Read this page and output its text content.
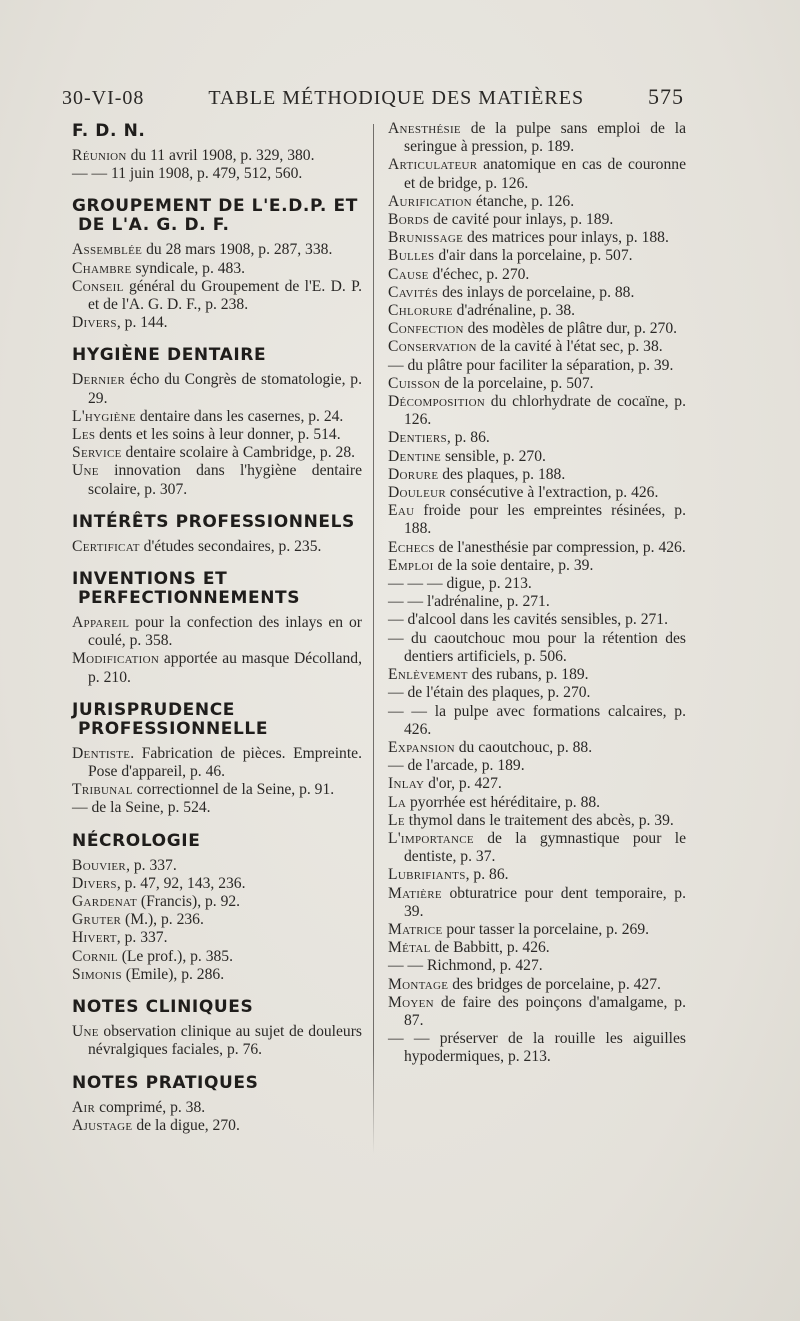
30-VI-08	TABLE MÉTHODIQUE DES MATIÈRES	575
F. D. N.

Réunion du 11 avril 1908, p. 329, 380.

— — 11 juin 1908, p. 479, 512, 560.

GROUPEMENT DE L'E.D.P. ET DE L'A. G. D. F.

Assemblée du 28 mars 1908, p. 287, 338.

Chambre syndicale, p. 483.

Conseil général du Groupement de l'E. D. P. et de l'A. G. D. F., p. 238.

Divers, p. 144.

HYGIÈNE DENTAIRE

Dernier écho du Congrès de stomatologie, p. 29.

L'hygiène dentaire dans les casernes, p. 24.

Les dents et les soins à leur donner, p. 514.

Service dentaire scolaire à Cambridge, p. 28.

Une innovation dans l'hygiène dentaire scolaire, p. 307.

INTÉRÊTS PROFESSIONNELS

Certificat d'études secondaires, p. 235.

INVENTIONS ET PERFECTIONNEMENTS

Appareil pour la confection des inlays en or coulé, p. 358.

Modification apportée au masque Décolland, p. 210.

JURISPRUDENCE PROFESSIONNELLE

Dentiste. Fabrication de pièces. Empreinte. Pose d'appareil, p. 46.

Tribunal correctionnel de la Seine, p. 91.

— de la Seine, p. 524.

NÉCROLOGIE

Bouvier, p. 337.

Divers, p. 47, 92, 143, 236.

Gardenat (Francis), p. 92.

Gruter (M.), p. 236.

Hivert, p. 337.

Cornil (Le prof.), p. 385.

Simonis (Emile), p. 286.

NOTES CLINIQUES

Une observation clinique au sujet de douleurs névralgiques faciales, p. 76.

NOTES PRATIQUES

Air comprimé, p. 38.

Ajustage de la digue, 270.

Anesthésie de la pulpe sans emploi de la seringue à pression, p. 189.

Articulateur anatomique en cas de couronne et de bridge, p. 126.

Aurification étanche, p. 126.

Bords de cavité pour inlays, p. 189.

Brunissage des matrices pour inlays, p. 188.

Bulles d'air dans la porcelaine, p. 507.

Cause d'échec, p. 270.

Cavités des inlays de porcelaine, p. 88.

Chlorure d'adrénaline, p. 38.

Confection des modèles de plâtre dur, p. 270.

Conservation de la cavité à l'état sec, p. 38.

— du plâtre pour faciliter la séparation, p. 39.

Cuisson de la porcelaine, p. 507.

Décomposition du chlorhydrate de cocaïne, p. 126.

Dentiers, p. 86.

Dentine sensible, p. 270.

Dorure des plaques, p. 188.

Douleur consécutive à l'extraction, p. 426.

Eau froide pour les empreintes résinées, p. 188.

Echecs de l'anesthésie par compression, p. 426.

Emploi de la soie dentaire, p. 39.

— — — digue, p. 213.

— — l'adrénaline, p. 271.

— d'alcool dans les cavités sensibles, p. 271.

— du caoutchouc mou pour la rétention des dentiers artificiels, p. 506.

Enlèvement des rubans, p. 189.

— de l'étain des plaques, p. 270.

— — la pulpe avec formations calcaires, p. 426.

Expansion du caoutchouc, p. 88.

— de l'arcade, p. 189.

Inlay d'or, p. 427.

La pyorrhée est héréditaire, p. 88.

Le thymol dans le traitement des abcès, p. 39.

L'importance de la gymnastique pour le dentiste, p. 37.

Lubrifiants, p. 86.

Matière obturatrice pour dent temporaire, p. 39.

Matrice pour tasser la porcelaine, p. 269.

Métal de Babbitt, p. 426.

— — Richmond, p. 427.

Montage des bridges de porcelaine, p. 427.

Moyen de faire des poinçons d'amalgame, p. 87.

— — préserver de la rouille les aiguilles hypodermiques, p. 213.
